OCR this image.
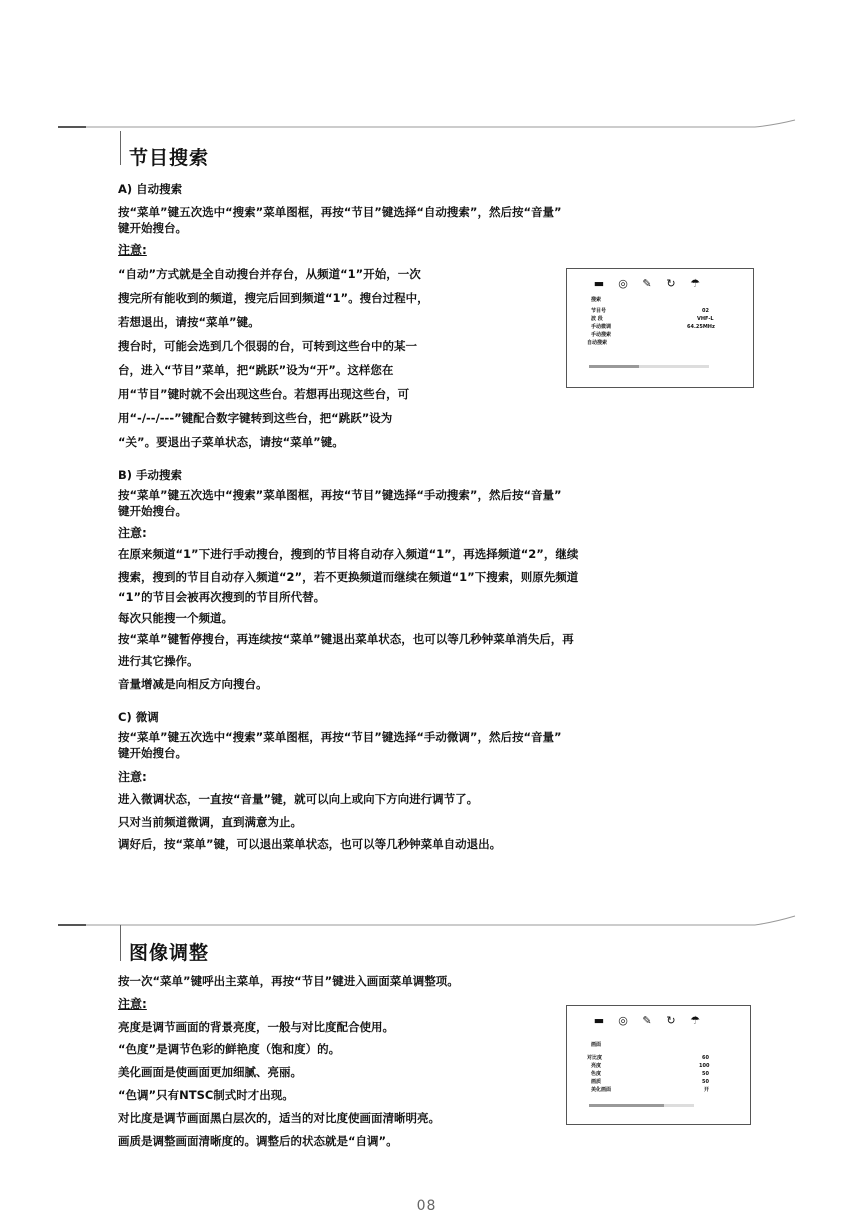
节目搜索
A) 自动搜索
按“菜单”键五次选中“搜索”菜单图框，再按“节目”键选择“自动搜索”，然后按“音量”
键开始搜台。
注意:
“自动”方式就是全自动搜台并存台，从频道“1”开始，一次
搜完所有能收到的频道，搜完后回到频道“1”。搜台过程中，
若想退出，请按“菜单”键。
搜台时，可能会选到几个很弱的台，可转到这些台中的某一
台，进入“节目”菜单，把“跳跃”设为“开”。这样您在
用“节目”键时就不会出现这些台。若想再出现这些台，可
用“-/--/---”键配合数字键转到这些台，把“跳跃”设为
“关”。要退出子菜单状态，请按“菜单”键。
▬	◎	✎	↻	☂
搜索
节目号	02
波 段	VHF-L
手动微调	64.25MHz
手动搜索
自动搜索
B) 手动搜索
按“菜单”键五次选中“搜索”菜单图框，再按“节目”键选择“手动搜索”，然后按“音量”
键开始搜台。
注意:
在原来频道“1”下进行手动搜台，搜到的节目将自动存入频道“1”，再选择频道“2”，继续
搜索，搜到的节目自动存入频道“2”，若不更换频道而继续在频道“1”下搜索，则原先频道
“1”的节目会被再次搜到的节目所代替。
每次只能搜一个频道。
按“菜单”键暂停搜台，再连续按“菜单”键退出菜单状态，也可以等几秒钟菜单消失后，再
进行其它操作。
音量增减是向相反方向搜台。
C) 微调
按“菜单”键五次选中“搜索”菜单图框，再按“节目”键选择“手动微调”，然后按“音量”
键开始搜台。
注意:
进入微调状态，一直按“音量”键，就可以向上或向下方向进行调节了。
只对当前频道微调，直到满意为止。
调好后，按“菜单”键，可以退出菜单状态，也可以等几秒钟菜单自动退出。
图像调整
按一次“菜单”键呼出主菜单，再按“节目”键进入画面菜单调整项。
注意:
亮度是调节画面的背景亮度，一般与对比度配合使用。
“色度”是调节色彩的鲜艳度（饱和度）的。
美化画面是使画面更加细腻、亮丽。
“色调”只有NTSC制式时才出现。
对比度是调节画面黑白层次的，适当的对比度使画面清晰明亮。
画质是调整画面清晰度的。调整后的状态就是“自调”。
▬	◎	✎	↻	☂
画面
对比度	60
亮度	100
色度	50
画质	50
美化画面	开
08
